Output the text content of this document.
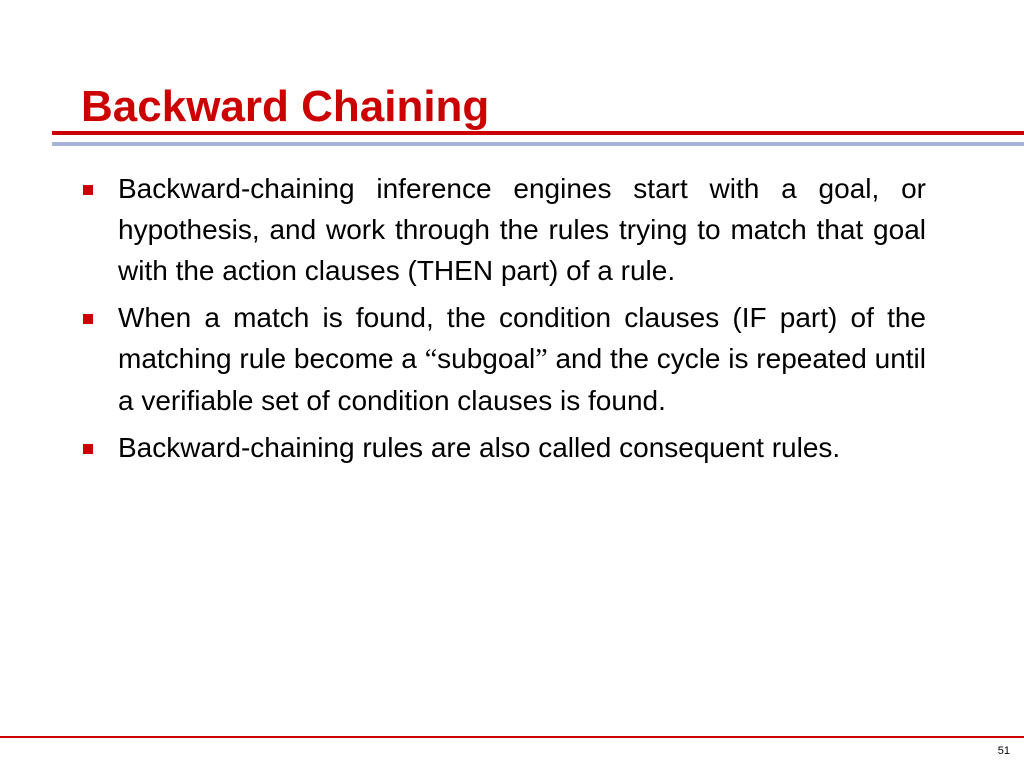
Backward Chaining
Backward-chaining inference engines start with a goal, or hypothesis, and work through the rules trying to match that goal with the action clauses (THEN part) of a rule.
When a match is found, the condition clauses (IF part) of the matching rule become a “subgoal” and the cycle is repeated until a verifiable set of condition clauses is found.
Backward-chaining rules are also called consequent rules.
51
